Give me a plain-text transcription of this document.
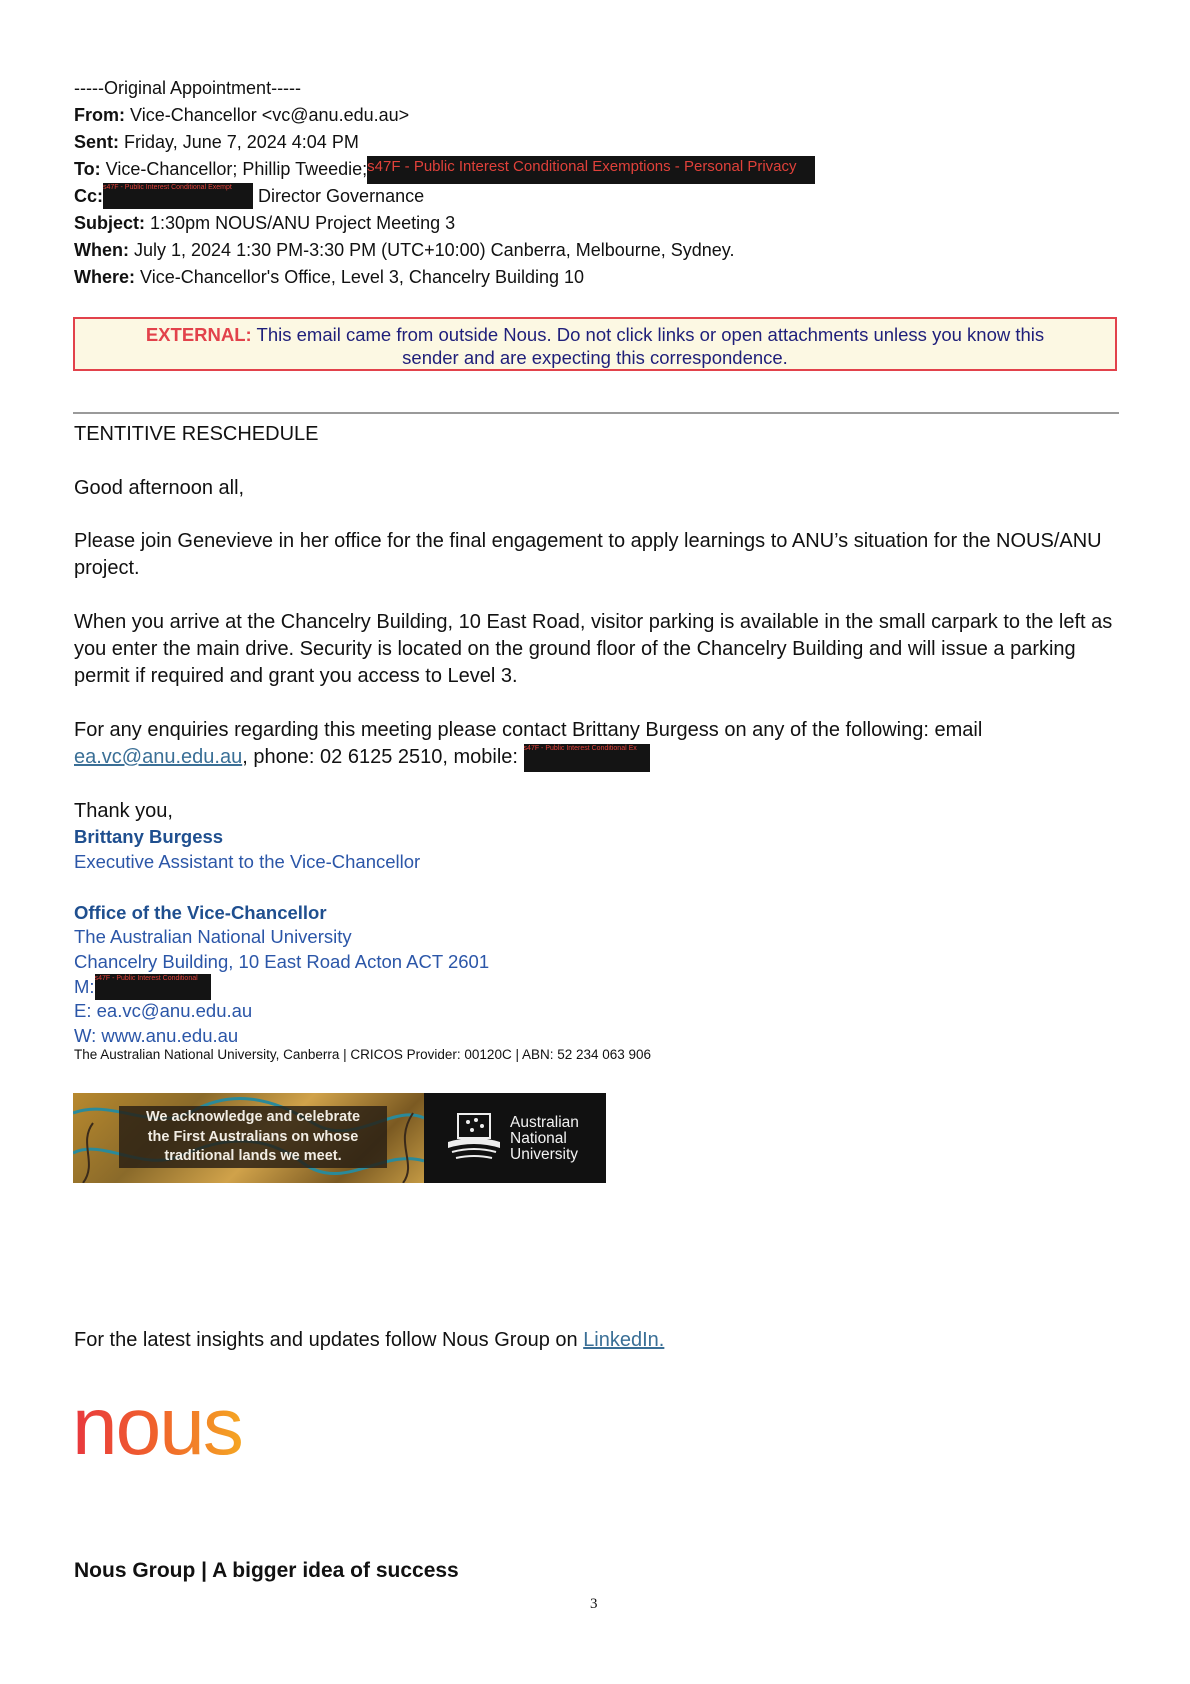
-----Original Appointment-----
From: Vice-Chancellor <vc@anu.edu.au>
Sent: Friday, June 7, 2024 4:04 PM
To: Vice-Chancellor; Phillip Tweedie;s47F - Public Interest Conditional Exemptions - Personal Privacy
Cc:s47F - Public Interest Conditional Exempt Director Governance
Subject: 1:30pm NOUS/ANU Project Meeting 3
When: July 1, 2024 1:30 PM-3:30 PM (UTC+10:00) Canberra, Melbourne, Sydney.
Where: Vice-Chancellor's Office, Level 3, Chancelry Building 10
EXTERNAL: This email came from outside Nous. Do not click links or open attachments unless you know this
sender and are expecting this correspondence.
TENTITIVE RESCHEDULE
Good afternoon all,
Please join Genevieve in her office for the final engagement to apply learnings to ANU’s situation for the NOUS/ANU project.
When you arrive at the Chancelry Building, 10 East Road, visitor parking is available in the small carpark to the left as you enter the main drive. Security is located on the ground floor of the Chancelry Building and will issue a parking permit if required and grant you access to Level 3.
For any enquiries regarding this meeting please contact Brittany Burgess on any of the following: email
ea.vc@anu.edu.au, phone: 02 6125 2510, mobile: s47F - Public Interest Conditional Ex
Thank you,
Brittany Burgess
Executive Assistant to the Vice-Chancellor
Office of the Vice-Chancellor
The Australian National University
Chancelry Building, 10 East Road Acton ACT 2601
M:s47F - Public Interest Conditional
E: ea.vc@anu.edu.au
W: www.anu.edu.au
The Australian National University, Canberra | CRICOS Provider: 00120C | ABN: 52 234 063 906
We acknowledge and celebrate
the First Australians on whose
traditional lands we meet.
Australian
National
University
For the latest insights and updates follow Nous Group on LinkedIn.
nous
Nous Group | A bigger idea of success
3
